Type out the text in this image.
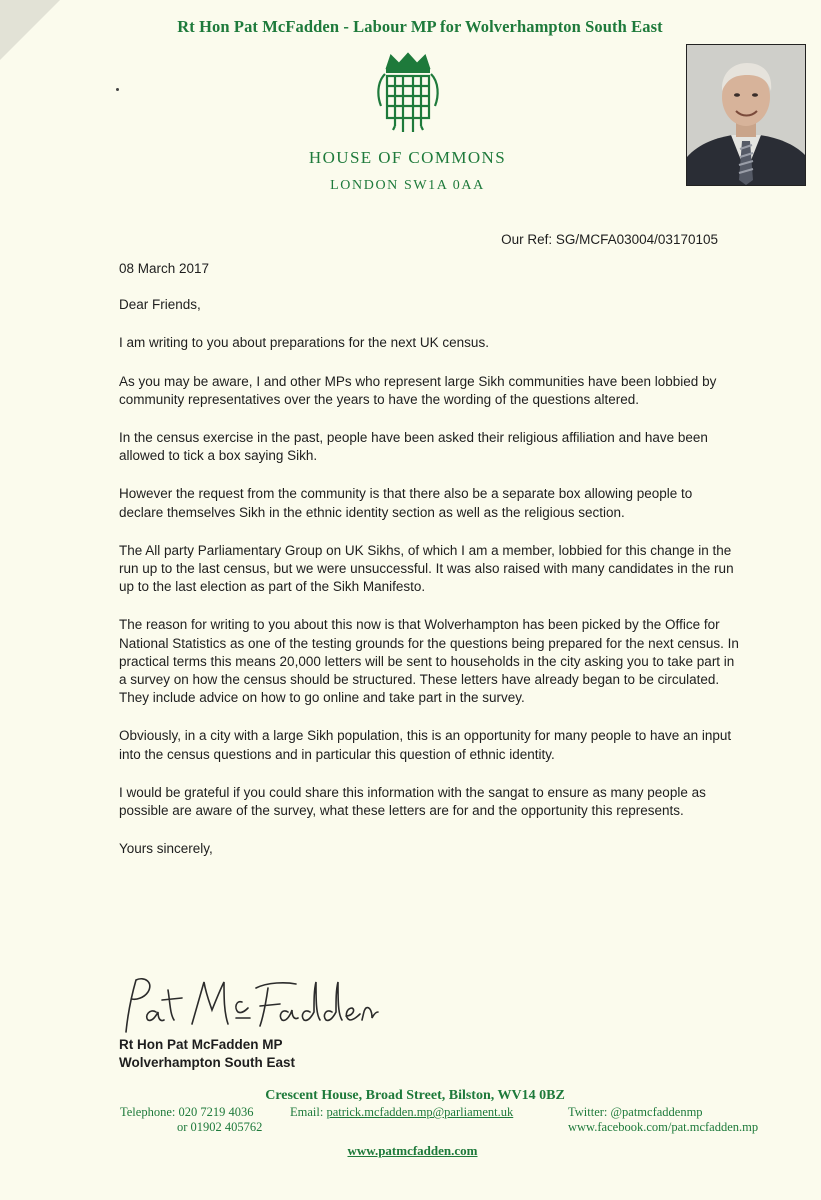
Rt Hon Pat McFadden - Labour MP for Wolverhampton South East
HOUSE OF COMMONS
LONDON SW1A 0AA
Our Ref: SG/MCFA03004/03170105

08 March 2017

Dear Friends,

I am writing to you about preparations for the next UK census.

As you may be aware, I and other MPs who represent large Sikh communities have been lobbied by community representatives over the years to have the wording of the questions altered.

In the census exercise in the past, people have been asked their religious affiliation and have been allowed to tick a box saying Sikh.

However the request from the community is that there also be a separate box allowing people to declare themselves Sikh in the ethnic identity section as well as the religious section.

The All party Parliamentary Group on UK Sikhs, of which I am a member, lobbied for this change in the run up to the last census, but we were unsuccessful. It was also raised with many candidates in the run up to the last election as part of the Sikh Manifesto.

The reason for writing to you about this now is that Wolverhampton has been picked by the Office for National Statistics as one of the testing grounds for the questions being prepared for the next census. In practical terms this means 20,000 letters will be sent to households in the city asking you to take part in a survey on how the census should be structured. These letters have already began to be circulated. They include advice on how to go online and take part in the survey.

Obviously, in a city with a large Sikh population, this is an opportunity for many people to have an input into the census questions and in particular this question of ethnic identity.

I would be grateful if you could share this information with the sangat to ensure as many people as possible are aware of the survey, what these letters are for and the opportunity this represents.

Yours sincerely,

Rt Hon Pat McFadden MP
Wolverhampton South East
Crescent House, Broad Street, Bilston, WV14 0BZ
Telephone: 020 7219 4036
or 01902 405762
Email: patrick.mcfadden.mp@parliament.uk	Twitter: @patmcfaddenmp
www.facebook.com/pat.mcfadden.mp
www.patmcfadden.com
